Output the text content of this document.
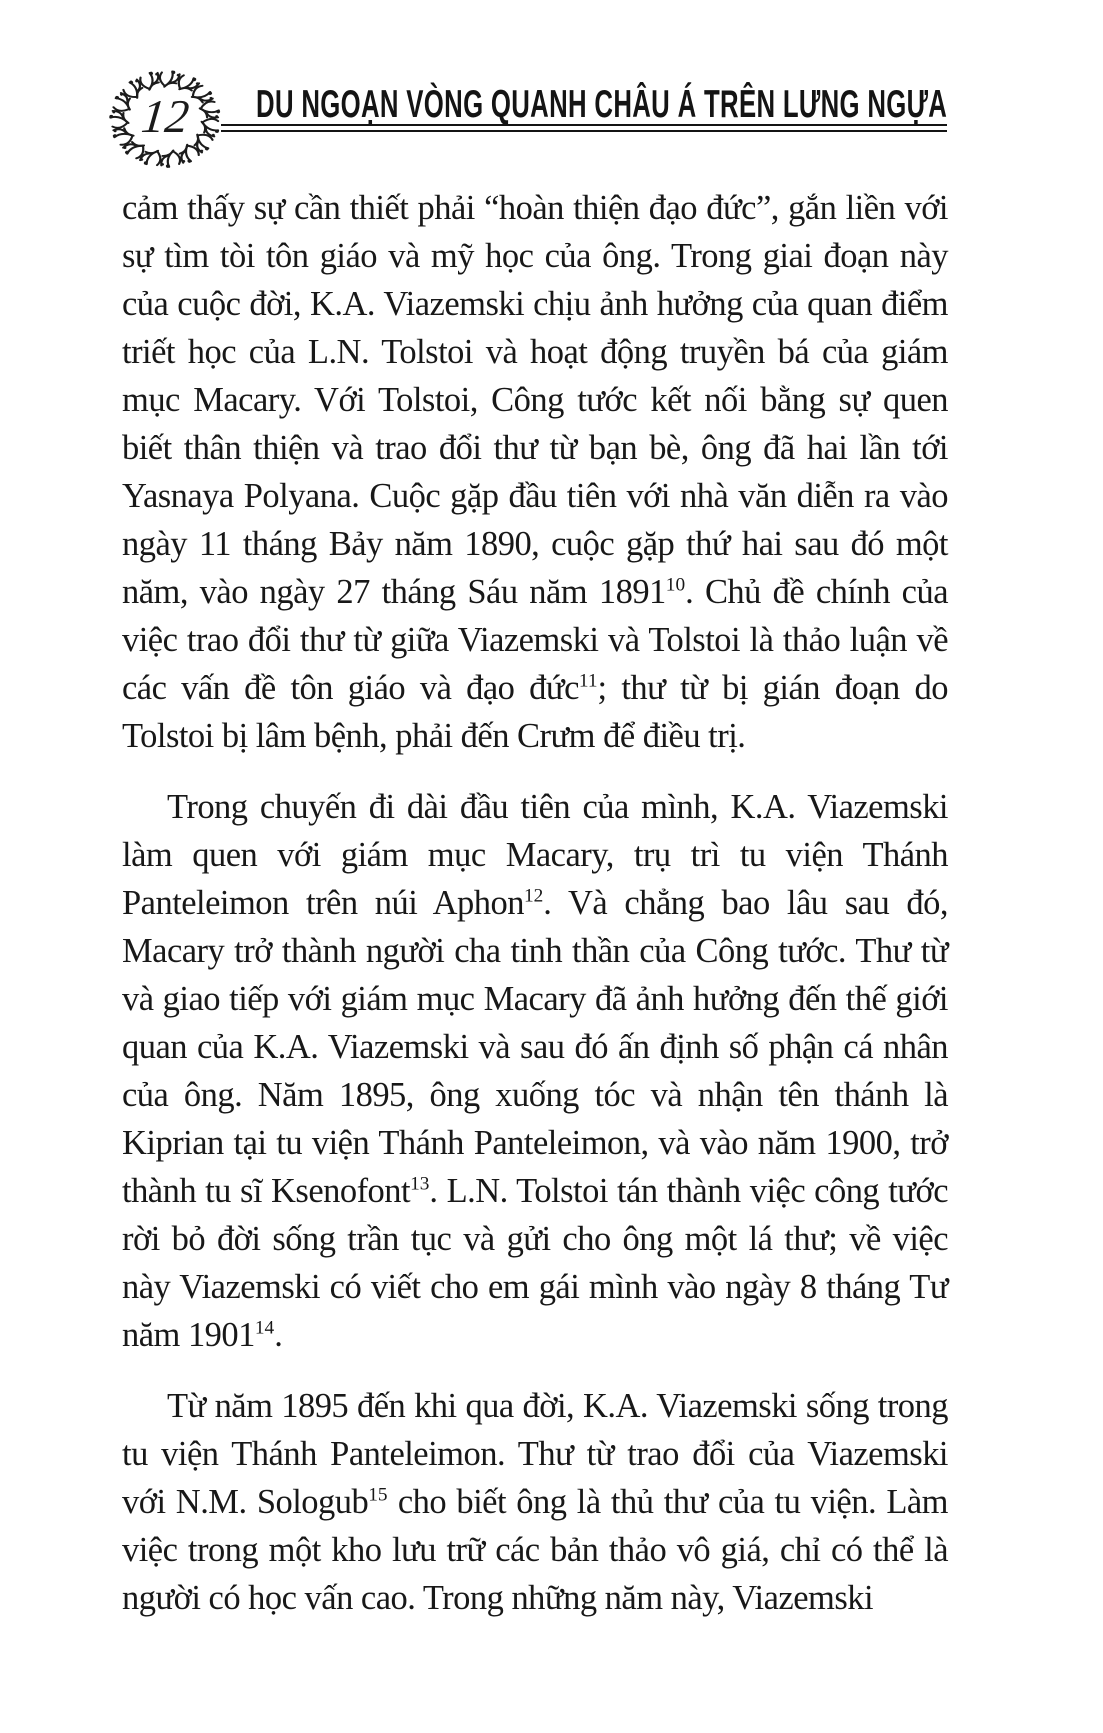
12	DU NGOẠN VÒNG QUANH CHÂU Á TRÊN LƯNG NGỰA

cảm thấy sự cần thiết phải “hoàn thiện đạo đức”, gắn liền với sự tìm tòi tôn giáo và mỹ học của ông. Trong giai đoạn này của cuộc đời, K.A. Viazemski chịu ảnh hưởng của quan điểm triết học của L.N. Tolstoi và hoạt động truyền bá của giám mục Macary. Với Tolstoi, Công tước kết nối bằng sự quen biết thân thiện và trao đổi thư từ bạn bè, ông đã hai lần tới Yasnaya Polyana. Cuộc gặp đầu tiên với nhà văn diễn ra vào ngày 11 tháng Bảy năm 1890, cuộc gặp thứ hai sau đó một năm, vào ngày 27 tháng Sáu năm 1891$^{10}$. Chủ đề chính của việc trao đổi thư từ giữa Viazemski và Tolstoi là thảo luận về các vấn đề tôn giáo và đạo đức$^{11}$; thư từ bị gián đoạn do Tolstoi bị lâm bệnh, phải đến Crưm để điều trị.

Trong chuyến đi dài đầu tiên của mình, K.A. Viazemski làm quen với giám mục Macary, trụ trì tu viện Thánh Panteleimon trên núi Aphon$^{12}$. Và chẳng bao lâu sau đó, Macary trở thành người cha tinh thần của Công tước. Thư từ và giao tiếp với giám mục Macary đã ảnh hưởng đến thế giới quan của K.A. Viazemski và sau đó ấn định số phận cá nhân của ông. Năm 1895, ông xuống tóc và nhận tên thánh là Kiprian tại tu viện Thánh Panteleimon, và vào năm 1900, trở thành tu sĩ Ksenofont$^{13}$. L.N. Tolstoi tán thành việc công tước rời bỏ đời sống trần tục và gửi cho ông một lá thư; về việc này Viazemski có viết cho em gái mình vào ngày 8 tháng Tư năm 1901$^{14}$.

Từ năm 1895 đến khi qua đời, K.A. Viazemski sống trong tu viện Thánh Panteleimon. Thư từ trao đổi của Viazemski với N.M. Sologub$^{15}$ cho biết ông là thủ thư của tu viện. Làm việc trong một kho lưu trữ các bản thảo vô giá, chỉ có thể là người có học vấn cao. Trong những năm này, Viazemski
